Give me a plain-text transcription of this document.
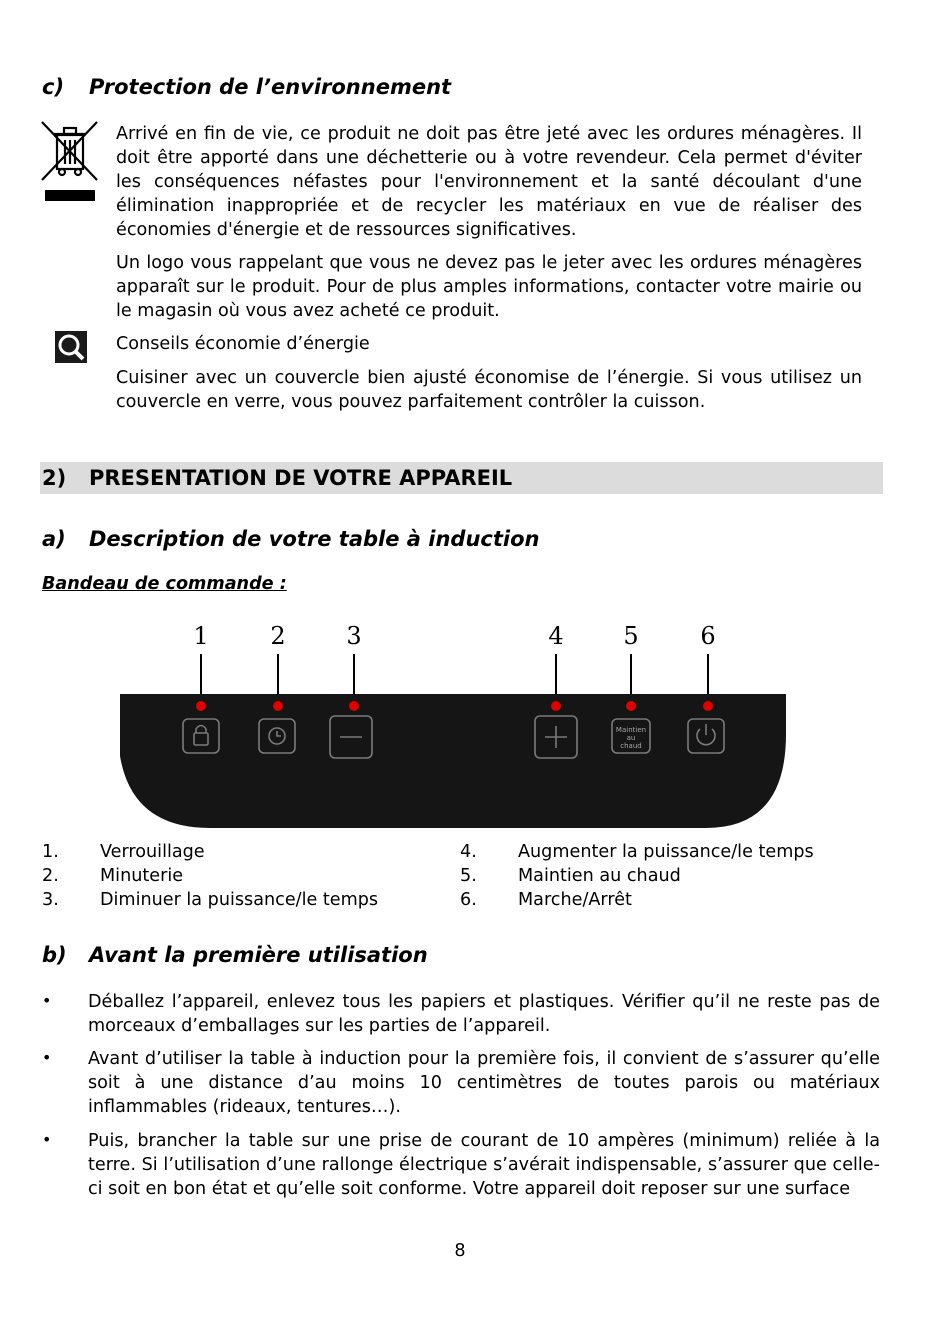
c) Protection de l’environnement
Arrivé en fin de vie, ce produit ne doit pas être jeté avec les ordures ménagères. Il doit être apporté dans une déchetterie ou à votre revendeur. Cela permet d'éviter les conséquences néfastes pour l'environnement et la santé découlant d'une élimination inappropriée et de recycler les matériaux en vue de réaliser des économies d'énergie et de ressources significatives.
Un logo vous rappelant que vous ne devez pas le jeter avec les ordures ménagères apparaît sur le produit. Pour de plus amples informations, contacter votre mairie ou le magasin où vous avez acheté ce produit.
Conseils économie d’énergie
Cuisiner avec un couvercle bien ajusté économise de l’énergie. Si vous utilisez un couvercle en verre, vous pouvez parfaitement contrôler la cuisson.
2) PRESENTATION DE VOTRE APPAREIL
a) Description de votre table à induction
Bandeau de commande :
1	2	3	4 5	6
Maintien
au
chaud
1. Verrouillage
2. Minuterie
3. Diminuer la puissance/le temps
4. Augmenter la puissance/le temps
5. Maintien au chaud
6. Marche/Arrêt
b) Avant la première utilisation
• Déballez l’appareil, enlevez tous les papiers et plastiques. Vérifier qu’il ne reste pas de morceaux d’emballages sur les parties de l’appareil.
• Avant d’utiliser la table à induction pour la première fois, il convient de s’assurer qu’elle soit à une distance d’au moins 10 centimètres de toutes parois ou matériaux inflammables (rideaux, tentures…).
• Puis, brancher la table sur une prise de courant de 10 ampères (minimum) reliée à la terre. Si l’utilisation d’une rallonge électrique s’avérait indispensable, s’assurer que celle-ci soit en bon état et qu’elle soit conforme. Votre appareil doit reposer sur une surface
8
